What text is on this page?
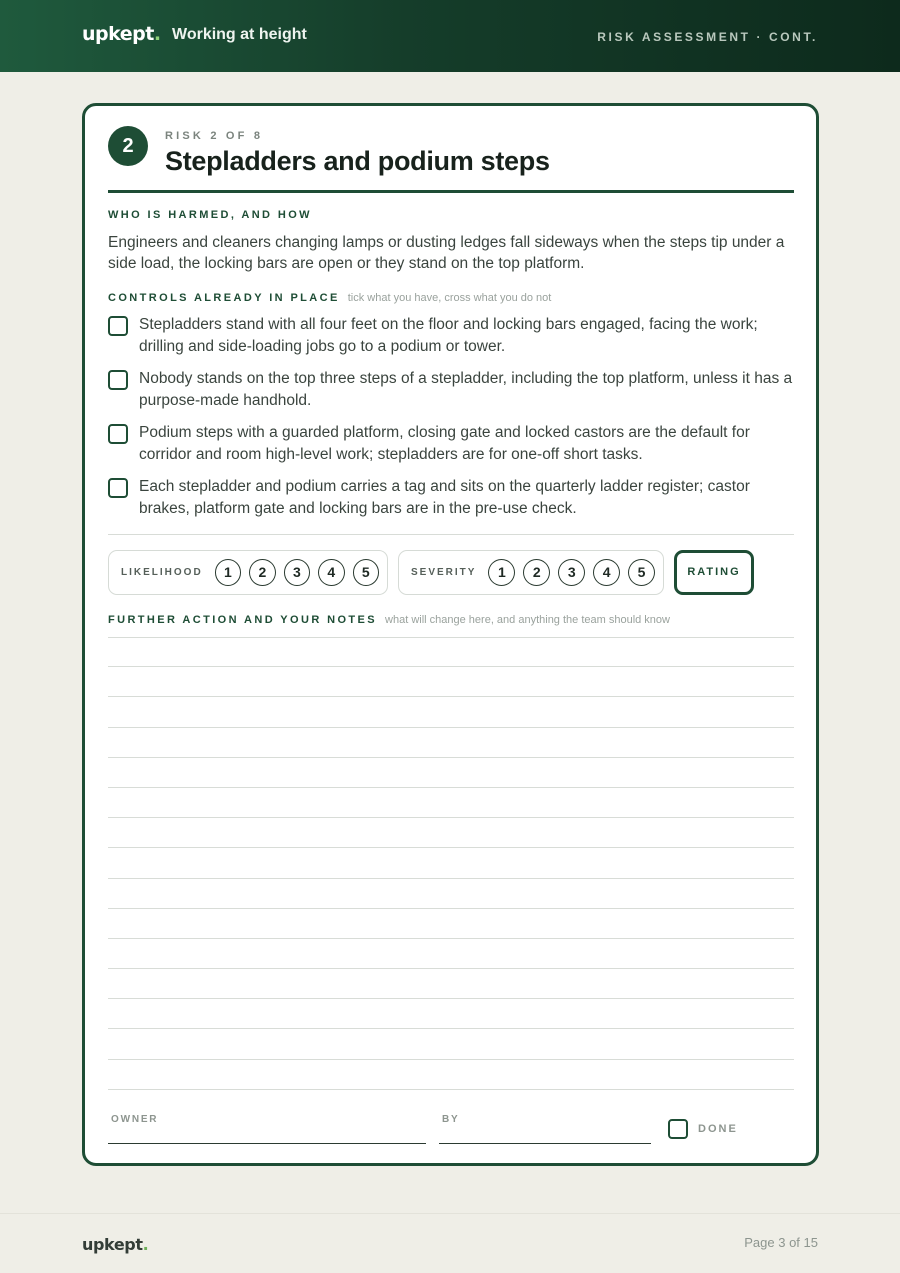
upkept. Working at height	RISK ASSESSMENT · CONT.
2	RISK 2 OF 8
Stepladders and podium steps
WHO IS HARMED, AND HOW
Engineers and cleaners changing lamps or dusting ledges fall sideways when the steps tip under a side load, the locking bars are open or they stand on the top platform.
CONTROLS ALREADY IN PLACE tick what you have, cross what you do not
Stepladders stand with all four feet on the floor and locking bars engaged, facing the work; drilling and side-loading jobs go to a podium or tower.
Nobody stands on the top three steps of a stepladder, including the top platform, unless it has a purpose-made handhold.
Podium steps with a guarded platform, closing gate and locked castors are the default for corridor and room high-level work; stepladders are for one-off short tasks.
Each stepladder and podium carries a tag and sits on the quarterly ladder register; castor brakes, platform gate and locking bars are in the pre-use check.
LIKELIHOOD	1	2	3	4	5	SEVERITY	1	2	3	4	5	RATING
FURTHER ACTION AND YOUR NOTES what will change here, and anything the team should know
OWNER	BY
DONE
upkept.	Page 3 of 15
